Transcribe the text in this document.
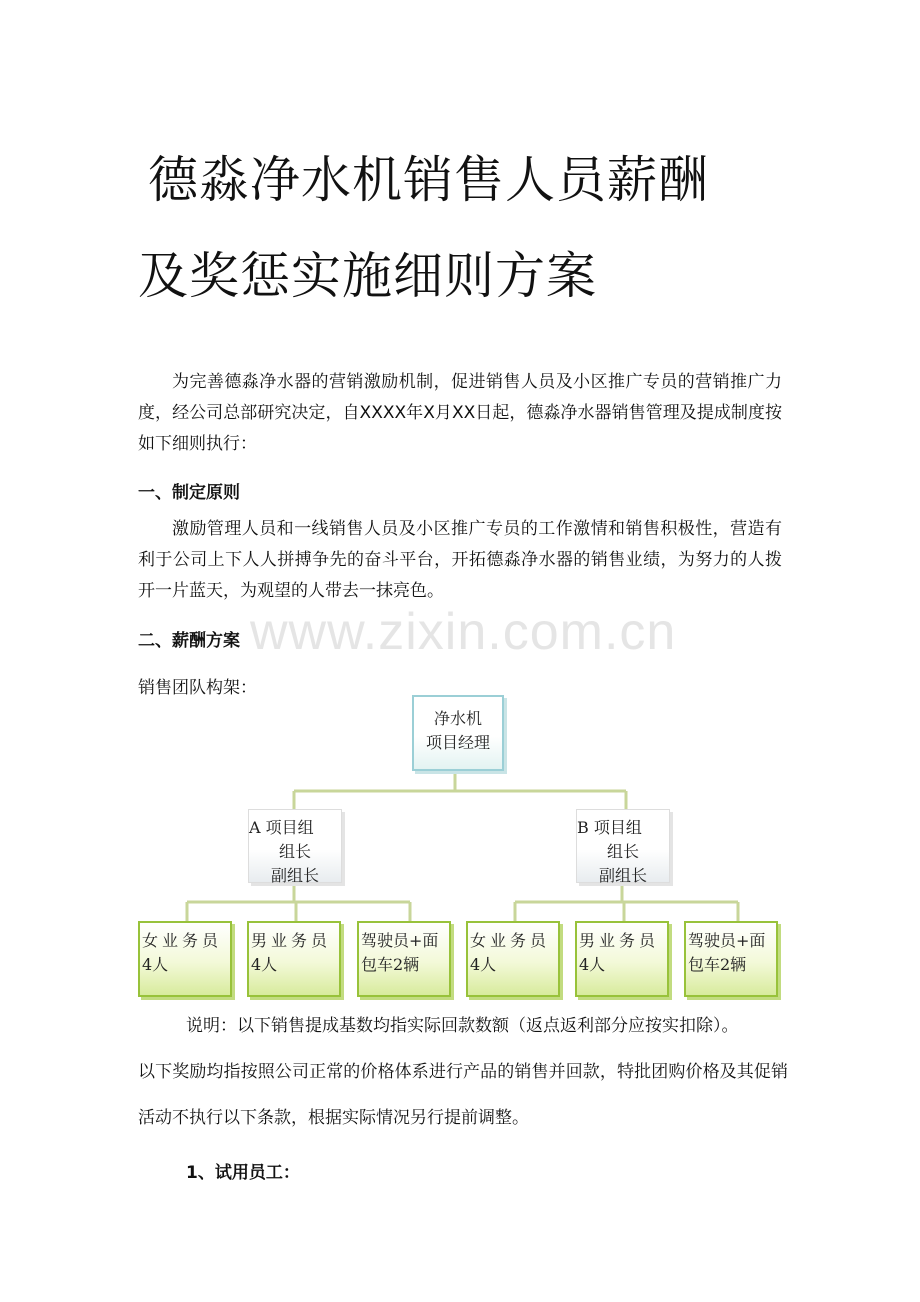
德淼净水机销售人员薪酬
及奖惩实施细则方案

为完善德淼净水器的营销激励机制，促进销售人员及小区推广专员的营销推广力度，经公司总部研究决定，自XXXX年X月XX日起，德淼净水器销售管理及提成制度按如下细则执行：

一、制定原则

激励管理人员和一线销售人员及小区推广专员的工作激情和销售积极性，营造有利于公司上下人人拼搏争先的奋斗平台，开拓德淼净水器的销售业绩，为努力的人拨开一片蓝天，为观望的人带去一抹亮色。

二、薪酬方案

销售团队构架：

www.zixin.com.cn
净水机
项目经理
A 项目组
组长
副组长
B 项目组
组长
副组长
女业务员
4人
男业务员
4人
驾驶员+面
包车2辆
女业务员
4人
男业务员
4人
驾驶员+面
包车2辆
说明：以下销售提成基数均指实际回款数额（返点返利部分应按实扣除）。
以下奖励均指按照公司正常的价格体系进行产品的销售并回款，特批团购价格及其促销活动不执行以下条款，根据实际情况另行提前调整。

1、试用员工：
